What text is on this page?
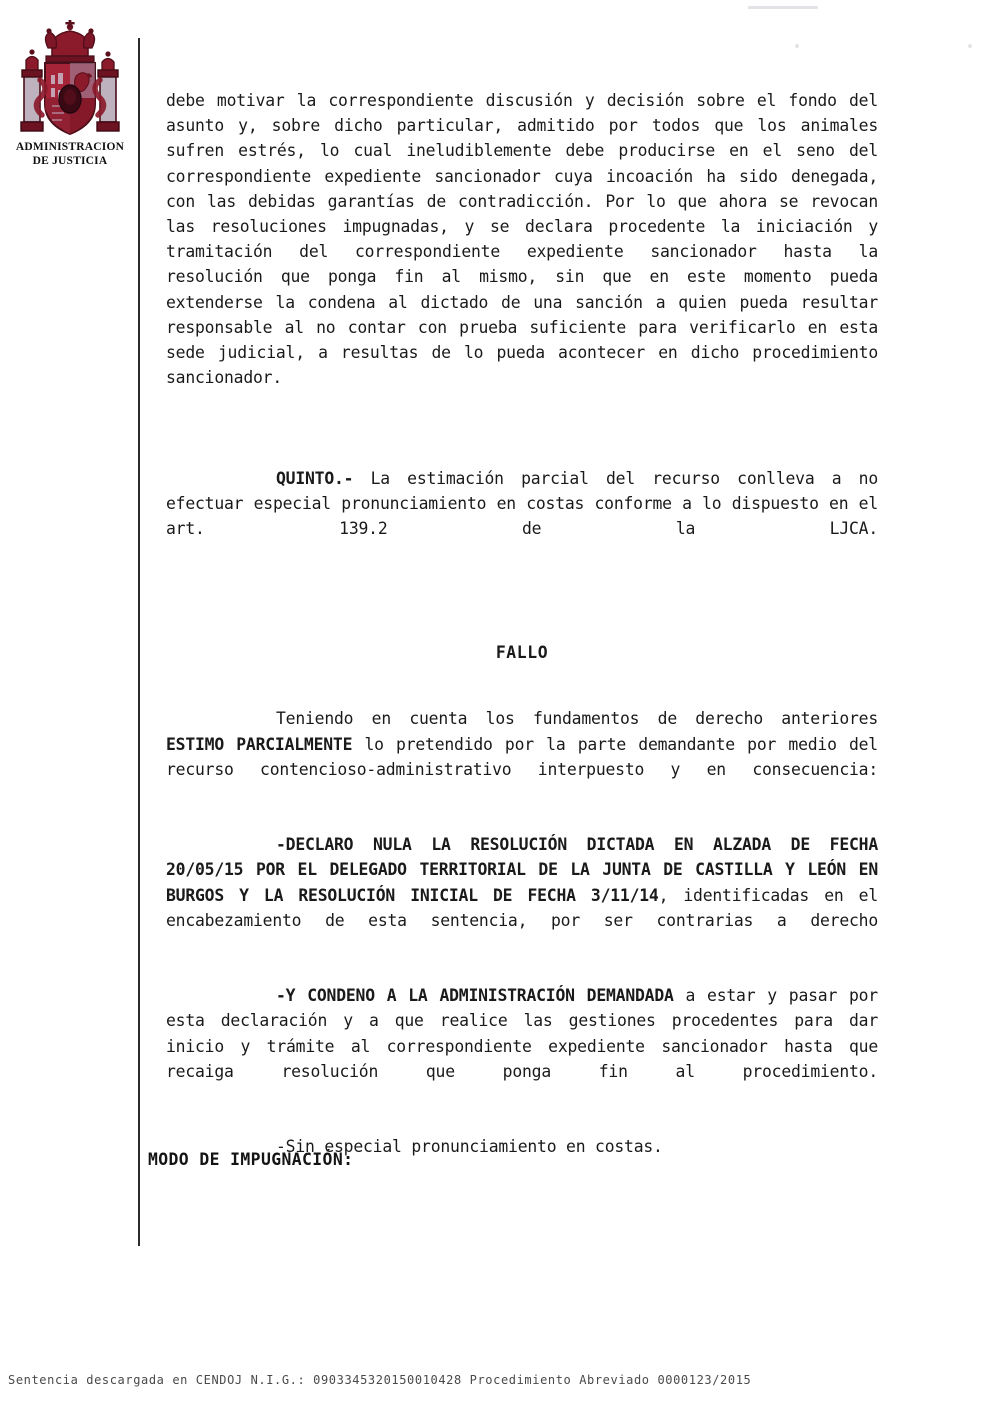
ADMINISTRACION
DE JUSTICIA

debe motivar la correspondiente discusión y decisión sobre el fondo del asunto y, sobre dicho particular, admitido por todos que los animales sufren estrés, lo cual ineludiblemente debe producirse en el seno del correspondiente expediente sancionador cuya incoación ha sido denegada, con las debidas garantías de contradicción. Por lo que ahora se revocan las resoluciones impugnadas, y se declara procedente la iniciación y tramitación del correspondiente expediente sancionador hasta la resolución que ponga fin al mismo, sin que en este momento pueda extenderse la condena al dictado de una sanción a quien pueda resultar responsable al no contar con prueba suficiente para verificarlo en esta sede judicial, a resultas de lo pueda acontecer en dicho procedimiento sancionador.

QUINTO.- La estimación parcial del recurso conlleva a no efectuar especial pronunciamiento en costas conforme a lo dispuesto en el art. 139.2 de la LJCA.

FALLO

Teniendo en cuenta los fundamentos de derecho anteriores ESTIMO PARCIALMENTE lo pretendido por la parte demandante por medio del recurso contencioso-administrativo interpuesto y en consecuencia:

-DECLARO NULA LA RESOLUCIÓN DICTADA EN ALZADA DE FECHA 20/05/15 POR EL DELEGADO TERRITORIAL DE LA JUNTA DE CASTILLA Y LEÓN EN BURGOS Y LA RESOLUCIÓN INICIAL DE FECHA 3/11/14, identificadas en el encabezamiento de esta sentencia, por ser contrarias a derecho

-Y CONDENO A LA ADMINISTRACIÓN DEMANDADA a estar y pasar por esta declaración y a que realice las gestiones procedentes para dar inicio y trámite al correspondiente expediente sancionador hasta que recaiga resolución que ponga fin al procedimiento.

-Sin especial pronunciamiento en costas.

MODO DE IMPUGNACIÓN:
Sentencia descargada en CENDOJ N.I.G.: 0903345320150010428 Procedimiento Abreviado 0000123/2015
